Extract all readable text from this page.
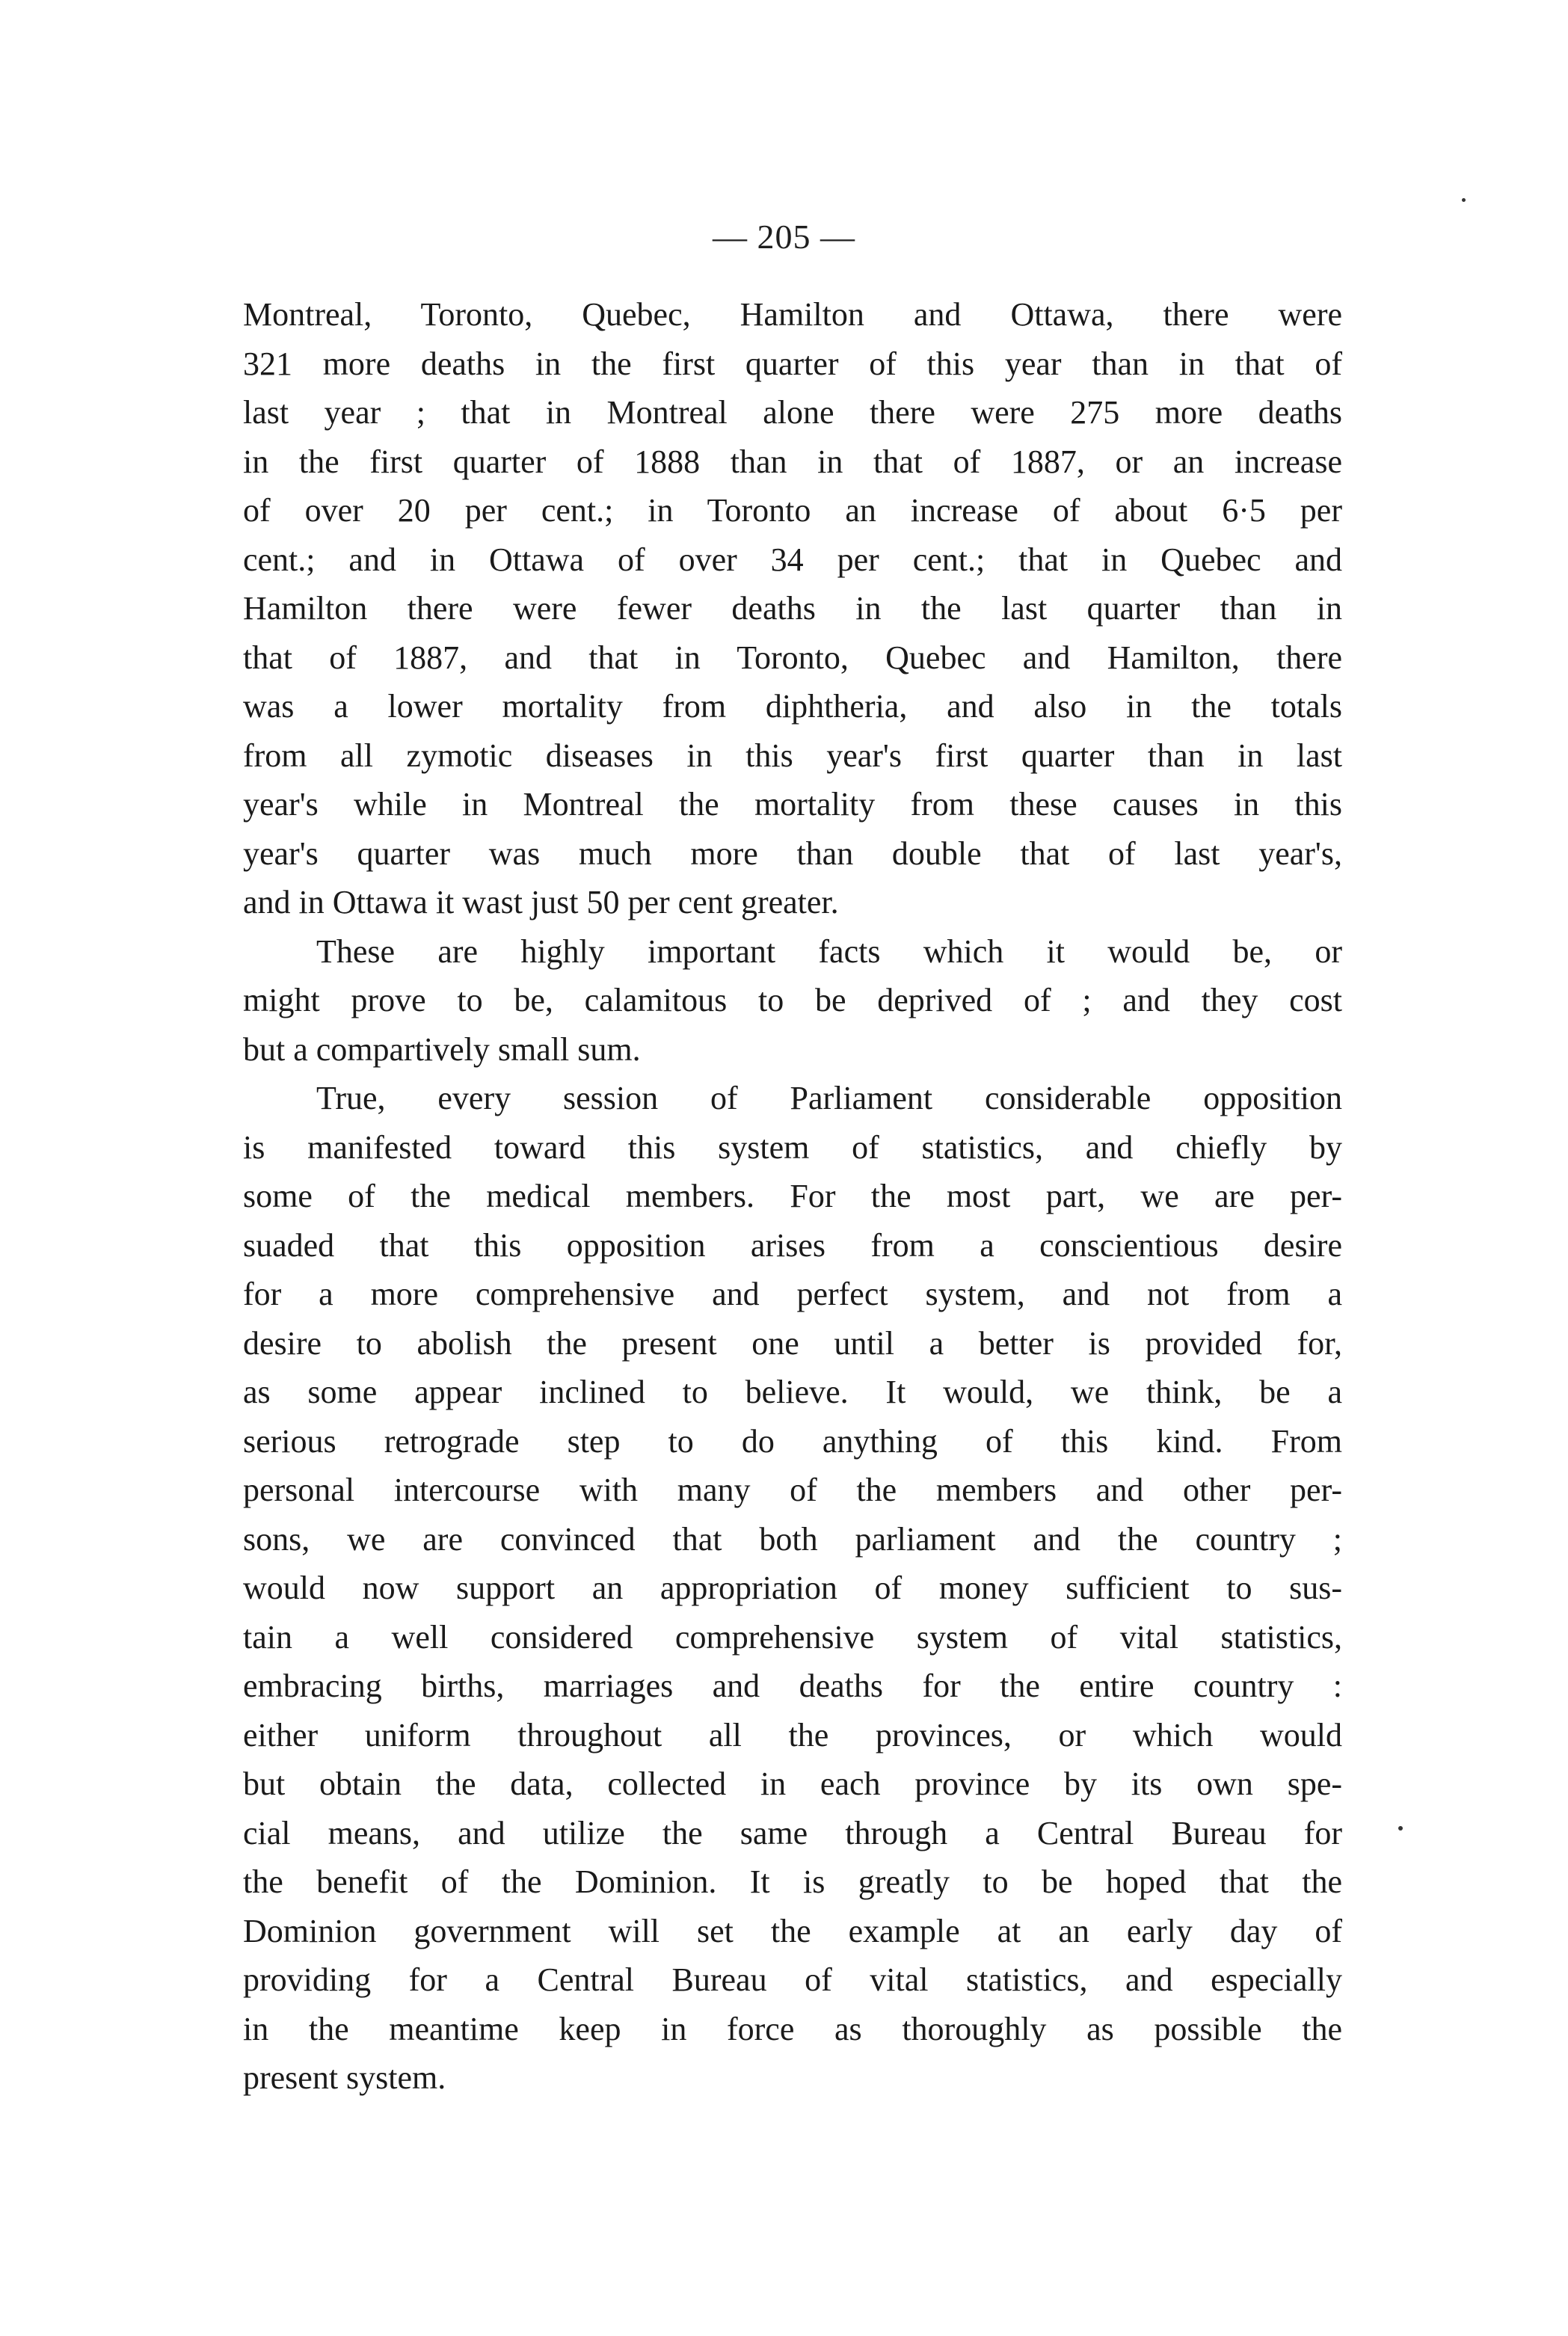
— 205 —
Montreal, Toronto, Quebec, Hamilton and Ottawa, there were
321 more deaths in the first quarter of this year than in that of
last year ; that in Montreal alone there were 275 more deaths
in the first quarter of 1888 than in that of 1887, or an increase
of over 20 per cent.; in Toronto an increase of about 6·5 per
cent.; and in Ottawa of over 34 per cent.; that in Quebec and
Hamilton there were fewer deaths in the last quarter than in
that of 1887, and that in Toronto, Quebec and Hamilton, there
was a lower mortality from diphtheria, and also in the totals
from all zymotic diseases in this year's first quarter than in last
year's while in Montreal the mortality from these causes in this
year's quarter was much more than double that of last year's,
and in Ottawa it wast just 50 per cent greater.
These are highly important facts which it would be, or
might prove to be, calamitous to be deprived of ; and they cost
but a compartively small sum.
True, every session of Parliament considerable opposition
is manifested toward this system of statistics, and chiefly by
some of the medical members. For the most part, we are per-
suaded that this opposition arises from a conscientious desire
for a more comprehensive and perfect system, and not from a
desire to abolish the present one until a better is provided for,
as some appear inclined to believe. It would, we think, be a
serious retrograde step to do anything of this kind. From
personal intercourse with many of the members and other per-
sons, we are convinced that both parliament and the country ;
would now support an appropriation of money sufficient to sus-
tain a well considered comprehensive system of vital statistics,
embracing births, marriages and deaths for the entire country :
either uniform throughout all the provinces, or which would
but obtain the data, collected in each province by its own spe-
cial means, and utilize the same through a Central Bureau for
the benefit of the Dominion. It is greatly to be hoped that the
Dominion government will set the example at an early day of
providing for a Central Bureau of vital statistics, and especially
in the meantime keep in force as thoroughly as possible the
present system.
